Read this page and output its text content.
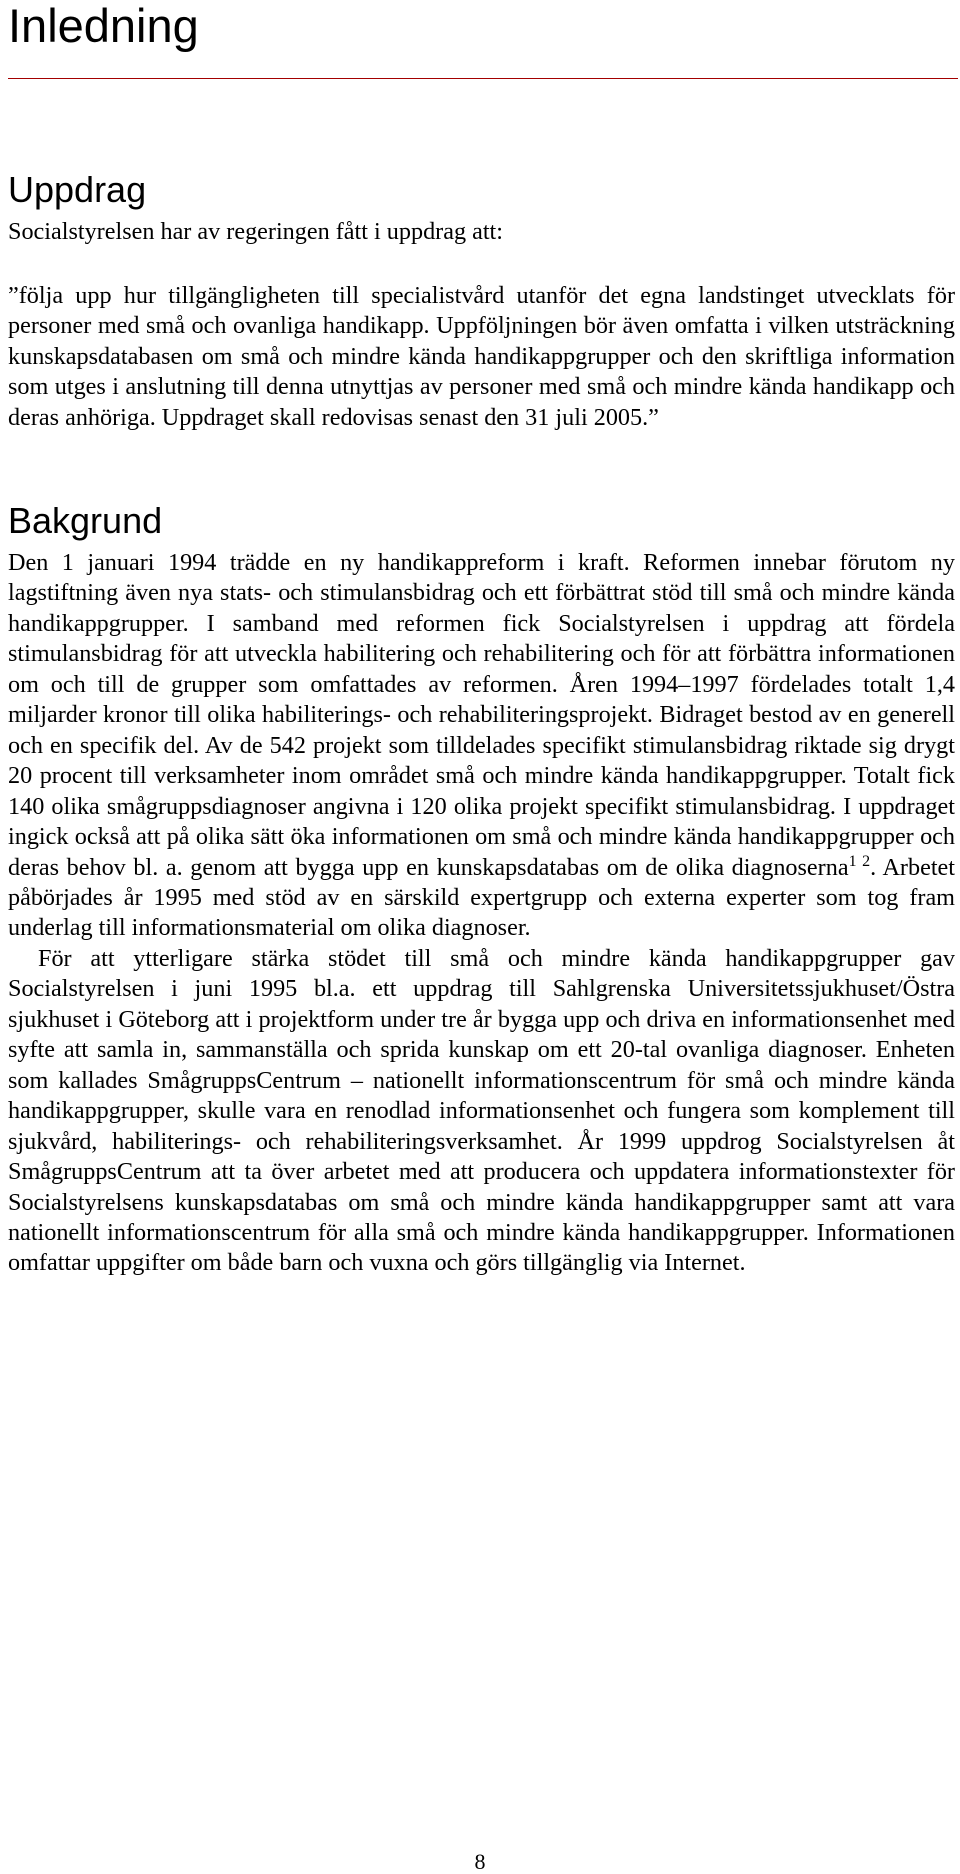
Inledning
Uppdrag

Socialstyrelsen har av regeringen fått i uppdrag att:

”följa upp hur tillgängligheten till specialistvård utanför det egna landstinget utvecklats för personer med små och ovanliga handikapp. Uppföljningen bör även omfatta i vilken utsträckning kunskapsdatabasen om små och mindre kända handikappgrupper och den skriftliga information som utges i anslutning till denna utnyttjas av personer med små och mindre kända handikapp och deras anhöriga. Uppdraget skall redovisas senast den 31 juli 2005.”

Bakgrund

Den 1 januari 1994 trädde en ny handikappreform i kraft. Reformen innebar förutom ny lagstiftning även nya stats- och stimulansbidrag och ett förbättrat stöd till små och mindre kända handikappgrupper. I samband med reformen fick Socialstyrelsen i uppdrag att fördela stimulansbidrag för att utveckla habilitering och rehabilitering och för att förbättra informationen om och till de grupper som omfattades av reformen. Åren 1994–1997 fördelades totalt 1,4 miljarder kronor till olika habiliterings- och rehabiliteringsprojekt. Bidraget bestod av en generell och en specifik del. Av de 542 projekt som tilldelades specifikt stimulansbidrag riktade sig drygt 20 procent till verksamheter inom området små och mindre kända handikappgrupper. Totalt fick 140 olika smågruppsdiagnoser angivna i 120 olika projekt specifikt stimulansbidrag. I uppdraget ingick också att på olika sätt öka informationen om små och mindre kända handikappgrupper och deras behov bl. a. genom att bygga upp en kunskapsdatabas om de olika diagnoserna$^{1 2}$. Arbetet påbörjades år 1995 med stöd av en särskild expertgrupp och externa experter som tog fram underlag till informationsmaterial om olika diagnoser.

För att ytterligare stärka stödet till små och mindre kända handikappgrupper gav Socialstyrelsen i juni 1995 bl.a. ett uppdrag till Sahlgrenska Universitetssjukhuset/Östra sjukhuset i Göteborg att i projektform under tre år bygga upp och driva en informationsenhet med syfte att samla in, sammanställa och sprida kunskap om ett 20-tal ovanliga diagnoser. Enheten som kallades SmågruppsCentrum – nationellt informationscentrum för små och mindre kända handikappgrupper, skulle vara en renodlad informationsenhet och fungera som komplement till sjukvård, habiliterings- och rehabiliteringsverksamhet. År 1999 uppdrog Socialstyrelsen åt SmågruppsCentrum att ta över arbetet med att producera och uppdatera informationstexter för Socialstyrelsens kunskapsdatabas om små och mindre kända handikappgrupper samt att vara nationellt informationscentrum för alla små och mindre kända handikappgrupper. Informationen omfattar uppgifter om både barn och vuxna och görs tillgänglig via Internet.

8
